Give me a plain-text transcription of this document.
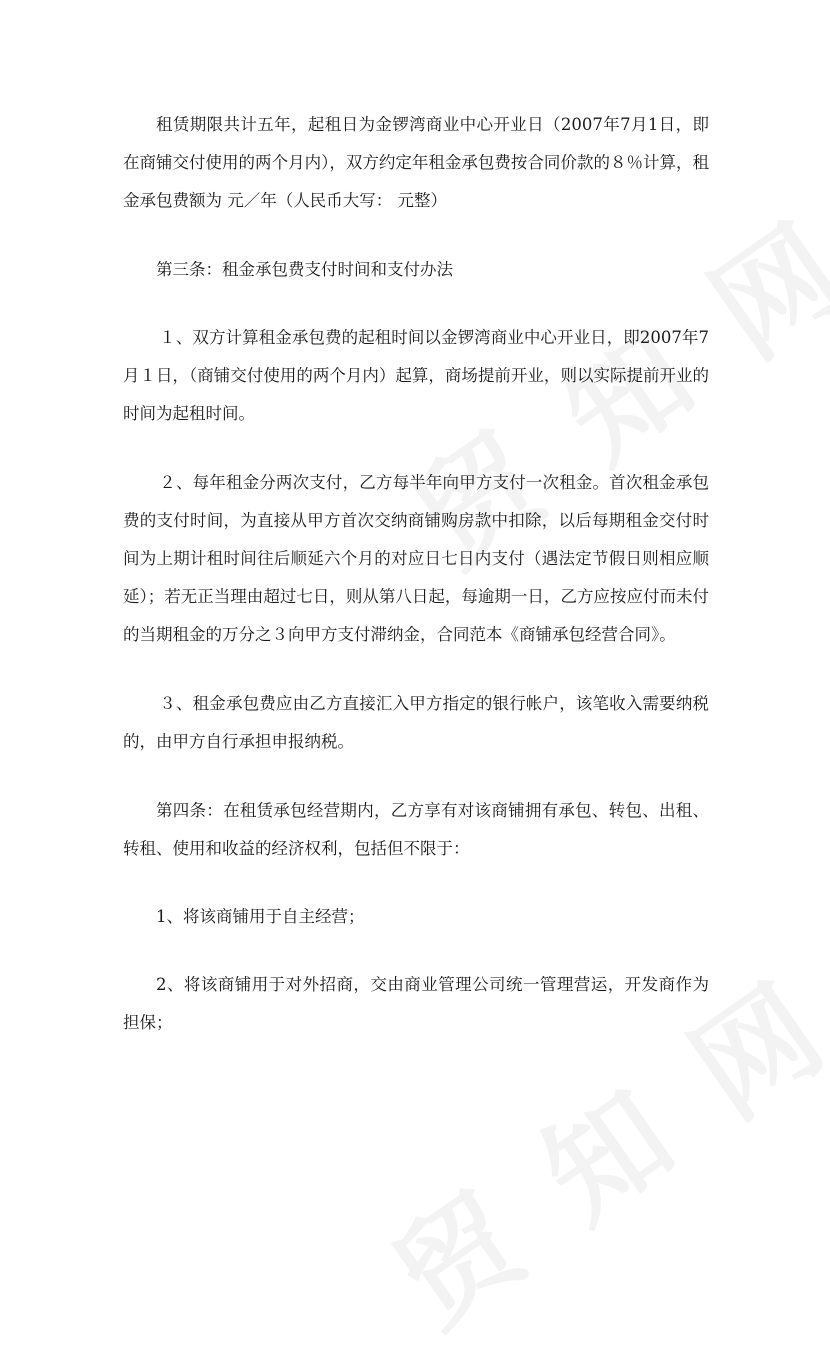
租赁期限共计五年，起租日为金锣湾商业中心开业日（2007年7月1日，即在商铺交付使用的两个月内），双方约定年租金承包费按合同价款的８％计算，租金承包费额为 元／年（人民币大写： 元整）

第三条：租金承包费支付时间和支付办法

１、双方计算租金承包费的起租时间以金锣湾商业中心开业日，即2007年7月１日，（商铺交付使用的两个月内）起算，商场提前开业，则以实际提前开业的时间为起租时间。

２、每年租金分两次支付，乙方每半年向甲方支付一次租金。首次租金承包费的支付时间，为直接从甲方首次交纳商铺购房款中扣除，以后每期租金交付时间为上期计租时间往后顺延六个月的对应日七日内支付（遇法定节假日则相应顺延）；若无正当理由超过七日，则从第八日起，每逾期一日，乙方应按应付而未付的当期租金的万分之３向甲方支付滞纳金，合同范本《商铺承包经营合同》。

３、租金承包费应由乙方直接汇入甲方指定的银行帐户，该笔收入需要纳税的，由甲方自行承担申报纳税。

第四条：在租赁承包经营期内，乙方享有对该商铺拥有承包、转包、出租、转租、使用和收益的经济权利，包括但不限于：

1、将该商铺用于自主经营；

2、将该商铺用于对外招商，交由商业管理公司统一管理营运，开发商作为担保；
